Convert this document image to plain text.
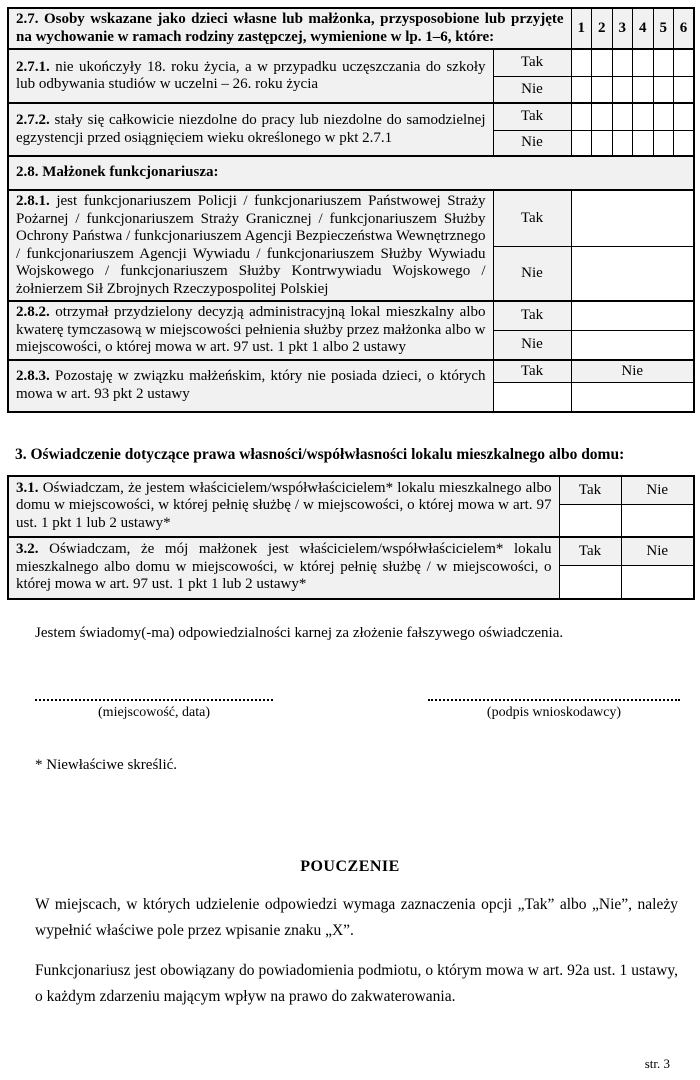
2.7. Osoby wskazane jako dzieci własne lub małżonka, przysposobione lub przyjęte na wychowanie w ramach rodziny zastępczej, wymienione w lp. 1–6, które:		1	2	3	4	5	6
2.7.1. nie ukończyły 18. roku życia, a w przypadku uczęszczania do szkoły lub odbywania studiów w uczelni – 26. roku życia	Tak						
	Nie						
2.7.2. stały się całkowicie niezdolne do pracy lub niezdolne do samodzielnej egzystencji przed osiągnięciem wieku określonego w pkt 2.7.1	Tak						
	Nie						
2.8. Małżonek funkcjonariusza:							
2.8.1. jest funkcjonariuszem Policji / funkcjonariuszem Państwowej Straży Pożarnej / funkcjonariuszem Straży Granicznej / funkcjonariuszem Służby Ochrony Państwa / funkcjonariuszem Agencji Bezpieczeństwa Wewnętrznego / funkcjonariuszem Agencji Wywiadu / funkcjonariuszem Służby Wywiadu Wojskowego / funkcjonariuszem Służby Kontrwywiadu Wojskowego / żołnierzem Sił Zbrojnych Rzeczypospolitej Polskiej	Tak						
	Nie						
2.8.2. otrzymał przydzielony decyzją administracyjną lokal mieszkalny albo kwaterę tymczasową w miejscowości pełnienia służby przez małżonka albo w miejscowości, o której mowa w art. 97 ust. 1 pkt 1 albo 2 ustawy	Tak						
	Nie						
2.8.3. Pozostaję w związku małżeńskim, który nie posiada dzieci, o których mowa w art. 93 pkt 2 ustawy	Tak	Nie					

3. Oświadczenie dotyczące prawa własności/współwłasności lokalu mieszkalnego albo domu:
3.1. Oświadczam, że jestem właścicielem/współwłaścicielem* lokalu mieszkalnego albo domu w miejscowości, w której pełnię służbę / w miejscowości, o której mowa w art. 97 ust. 1 pkt 1 lub 2 ustawy*	Tak	Nie

3.2. Oświadczam, że mój małżonek jest właścicielem/współwłaścicielem* lokalu mieszkalnego albo domu w miejscowości, w której pełnię służbę / w miejscowości, o której mowa w art. 97 ust. 1 pkt 1 lub 2 ustawy*	Tak	Nie

Jestem świadomy(-ma) odpowiedzialności karnej za złożenie fałszywego oświadczenia.

(miejscowość, data)	(podpis wnioskodawcy)

* Niewłaściwe skreślić.

POUCZENIE

W miejscach, w których udzielenie odpowiedzi wymaga zaznaczenia opcji „Tak” albo „Nie”, należy wypełnić właściwe pole przez wpisanie znaku „X”.

Funkcjonariusz jest obowiązany do powiadomienia podmiotu, o którym mowa w art. 92a ust. 1 ustawy, o każdym zdarzeniu mającym wpływ na prawo do zakwaterowania.

str. 3
